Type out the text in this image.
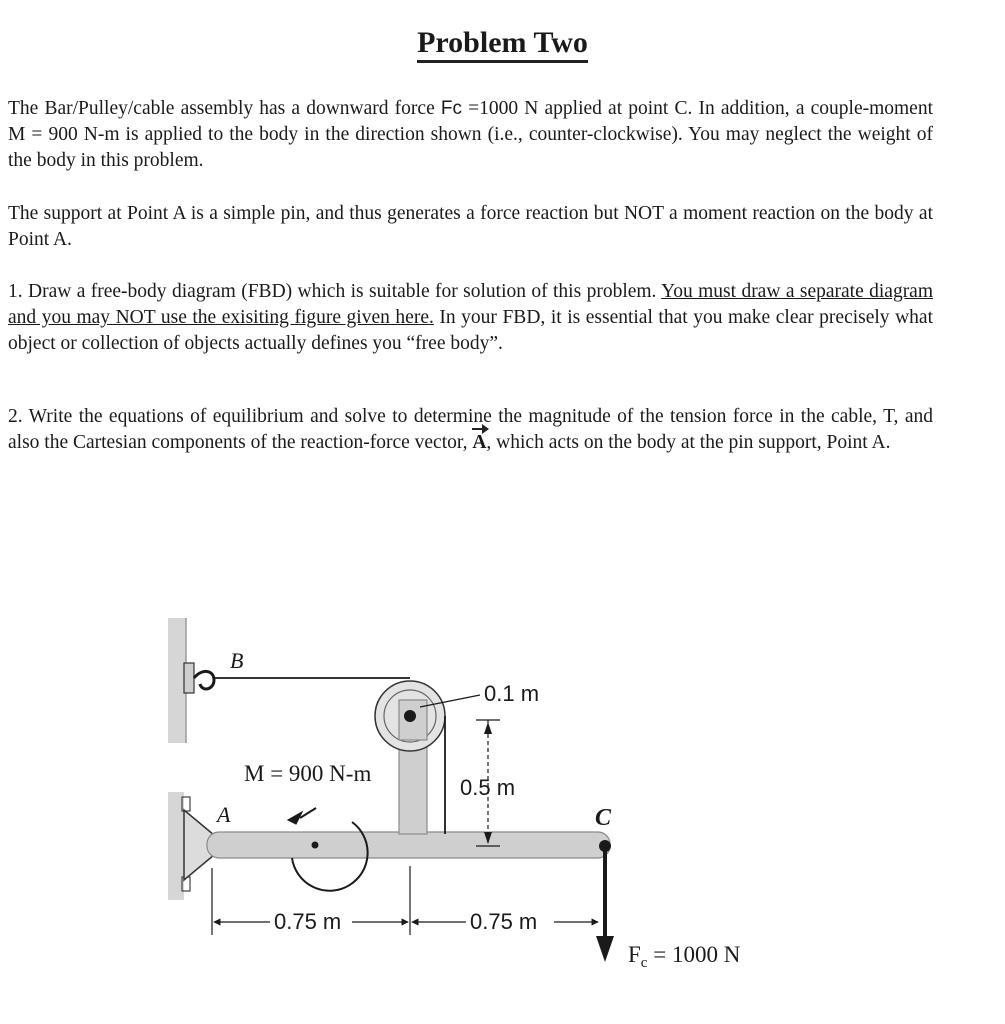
Problem Two
The Bar/Pulley/cable assembly has a downward force Fc =1000 N applied at point C. In addition, a couple-moment M = 900 N-m is applied to the body in the direction shown (i.e., counter-clockwise). You may neglect the weight of the body in this problem.
The support at Point A is a simple pin, and thus generates a force reaction but NOT a moment reaction on the body at Point A.
1. Draw a free-body diagram (FBD) which is suitable for solution of this problem. You must draw a separate diagram and you may NOT use the exisiting figure given here. In your FBD, it is essential that you make clear precisely what object or collection of objects actually defines you “free body”.
2. Write the equations of equilibrium and solve to determine the magnitude of the tension force in the cable, T, and also the Cartesian components of the reaction-force vector, A, which acts on the body at the pin support, Point A.
B
A	C
M = 900 N-m
0.1 m
0.5 m
0.75 m	0.75 m
$F_c = 1000$ N
